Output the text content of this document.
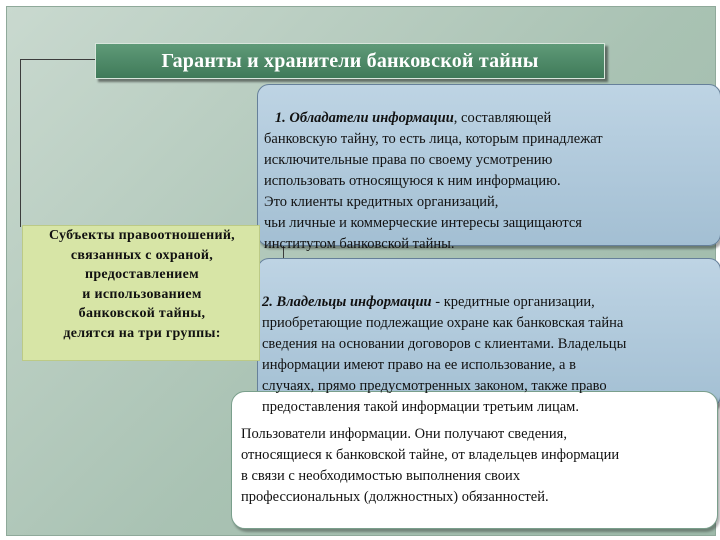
Гаранты и хранители банковской тайны
Субъекты правоотношений,
связанных с охраной,
предоставлением
и использованием
банковской тайны,
делятся на три группы:

1. Обладатели информации, составляющей
банковскую тайну, то есть лица, которым принадлежат
исключительные права по своему усмотрению
использовать относящуюся к ним информацию.
Это клиенты кредитных организаций,
чьи личные и коммерческие интересы защищаются
институтом банковской тайны.

2. Владельцы информации - кредитные организации,
приобретающие подлежащие охране как банковская тайна
сведения на основании договоров с клиентами. Владельцы
информации имеют право на ее использование, а в
случаях, прямо предусмотренных законом, также право
предоставления такой информации третьим лицам.

Пользователи информации. Они получают сведения,
относящиеся к банковской тайне, от владельцев информации
в связи с необходимостью выполнения своих
профессиональных (должностных) обязанностей.
